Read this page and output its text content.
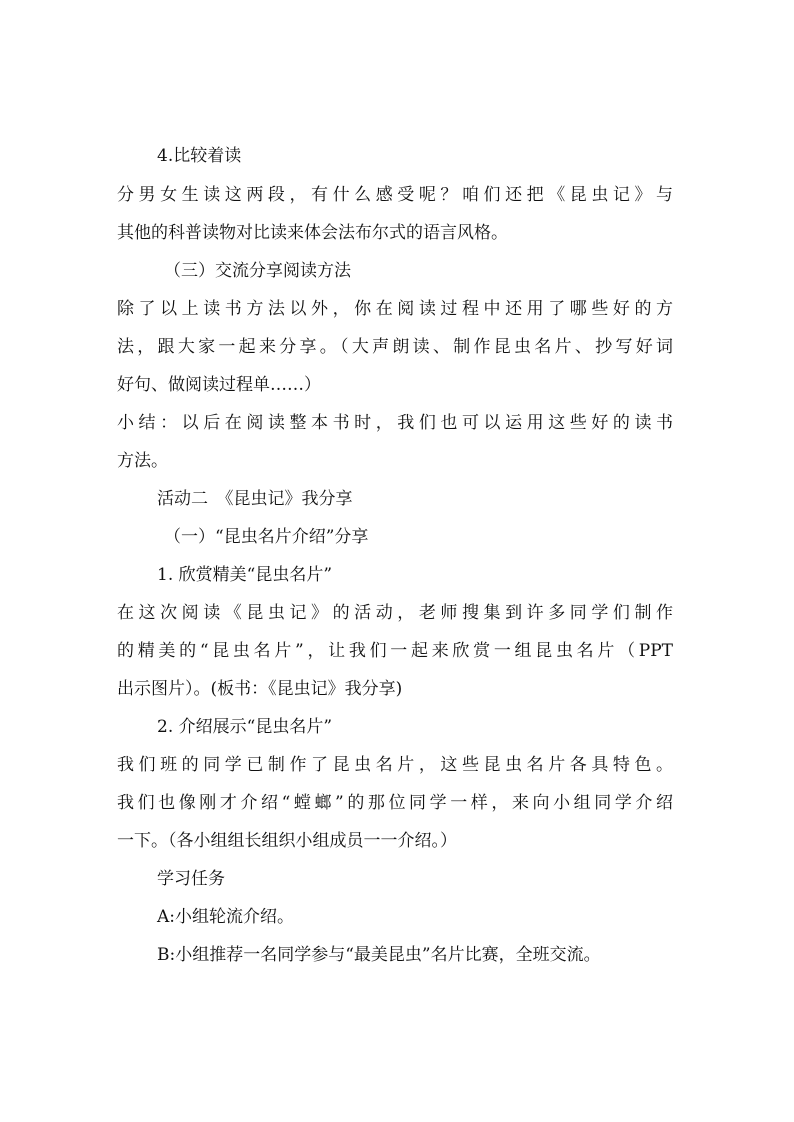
4.比较着读
分男女生读这两段，有什么感受呢？咱们还把《昆虫记》与
其他的科普读物对比读来体会法布尔式的语言风格。
（三）交流分享阅读方法
除了以上读书方法以外，你在阅读过程中还用了哪些好的方
法，跟大家一起来分享。（大声朗读、制作昆虫名片、抄写好词
好句、做阅读过程单……）
小结：以后在阅读整本书时，我们也可以运用这些好的读书
方法。
活动二　《昆虫记》我分享
（一）“昆虫名片介绍”分享
1. 欣赏精美“昆虫名片”
在这次阅读《昆虫记》的活动，老师搜集到许多同学们制作
的精美的“昆虫名片”，让我们一起来欣赏一组昆虫名片（PPT
出示图片）。(板书：《昆虫记》我分享)
2. 介绍展示“昆虫名片”
我们班的同学已制作了昆虫名片，这些昆虫名片各具特色。
我们也像刚才介绍“螳螂”的那位同学一样，来向小组同学介绍
一下。（各小组组长组织小组成员一一介绍。）
学习任务
A:小组轮流介绍。
B:小组推荐一名同学参与“最美昆虫”名片比赛，全班交流。
